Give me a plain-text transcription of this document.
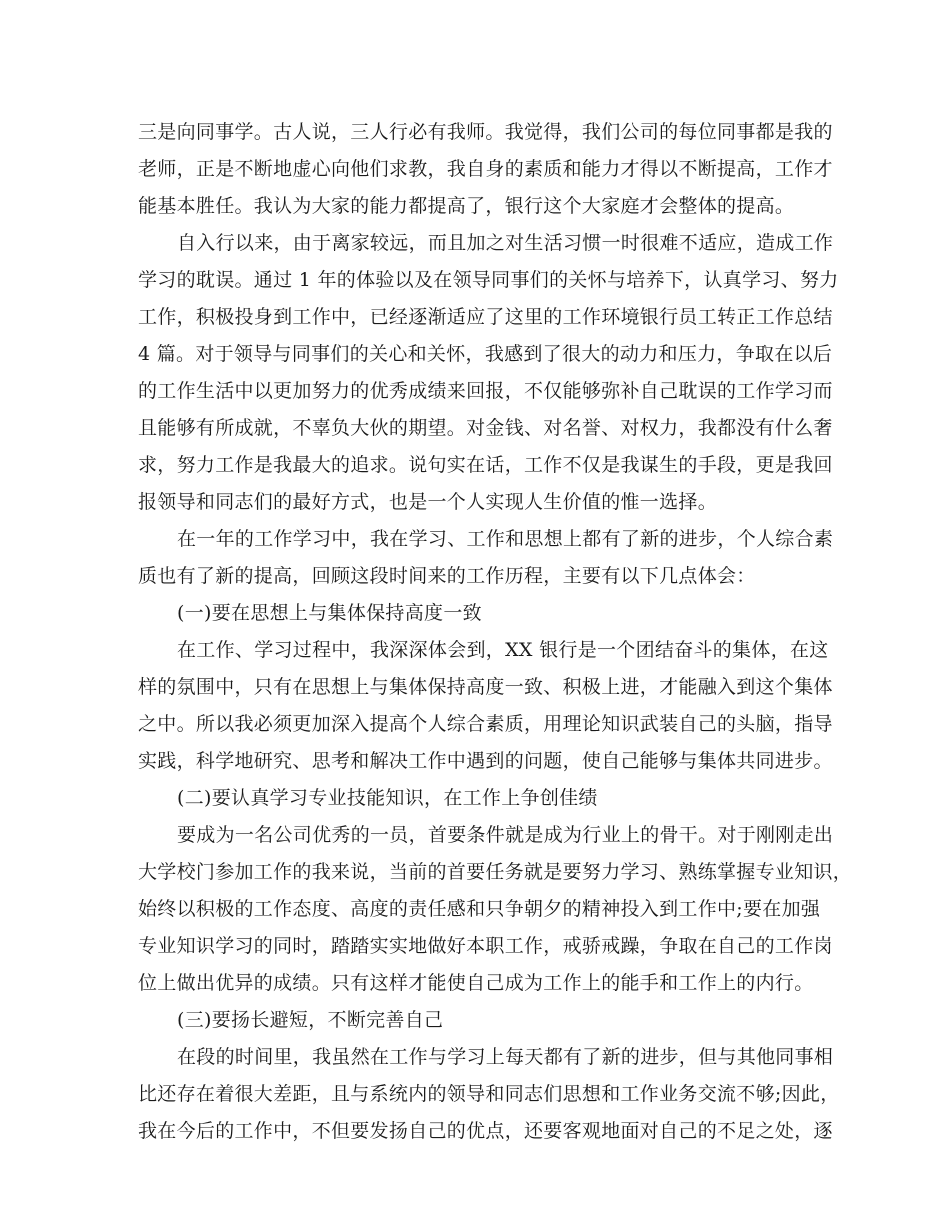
三是向同事学。古人说，三人行必有我师。我觉得，我们公司的每位同事都是我的
老师，正是不断地虚心向他们求教，我自身的素质和能力才得以不断提高，工作才
能基本胜任。我认为大家的能力都提高了，银行这个大家庭才会整体的提高。
自入行以来，由于离家较远，而且加之对生活习惯一时很难不适应，造成工作
学习的耽误。通过 1 年的体验以及在领导同事们的关怀与培养下，认真学习、努力
工作，积极投身到工作中，已经逐渐适应了这里的工作环境银行员工转正工作总结
4 篇。对于领导与同事们的关心和关怀，我感到了很大的动力和压力，争取在以后
的工作生活中以更加努力的优秀成绩来回报，不仅能够弥补自己耽误的工作学习而
且能够有所成就，不辜负大伙的期望。对金钱、对名誉、对权力，我都没有什么奢
求，努力工作是我最大的追求。说句实在话，工作不仅是我谋生的手段，更是我回
报领导和同志们的最好方式，也是一个人实现人生价值的惟一选择。
在一年的工作学习中，我在学习、工作和思想上都有了新的进步，个人综合素
质也有了新的提高，回顾这段时间来的工作历程，主要有以下几点体会：
(一)要在思想上与集体保持高度一致
在工作、学习过程中，我深深体会到，XX 银行是一个团结奋斗的集体，在这
样的氛围中，只有在思想上与集体保持高度一致、积极上进，才能融入到这个集体
之中。所以我必须更加深入提高个人综合素质，用理论知识武装自己的头脑，指导
实践，科学地研究、思考和解决工作中遇到的问题，使自己能够与集体共同进步。
(二)要认真学习专业技能知识，在工作上争创佳绩
要成为一名公司优秀的一员，首要条件就是成为行业上的骨干。对于刚刚走出
大学校门参加工作的我来说，当前的首要任务就是要努力学习、熟练掌握专业知识，
始终以积极的工作态度、高度的责任感和只争朝夕的精神投入到工作中;要在加强
专业知识学习的同时，踏踏实实地做好本职工作，戒骄戒躁，争取在自己的工作岗
位上做出优异的成绩。只有这样才能使自己成为工作上的能手和工作上的内行。
(三)要扬长避短，不断完善自己
在段的时间里，我虽然在工作与学习上每天都有了新的进步，但与其他同事相
比还存在着很大差距，且与系统内的领导和同志们思想和工作业务交流不够;因此，
我在今后的工作中，不但要发扬自己的优点，还要客观地面对自己的不足之处，逐
